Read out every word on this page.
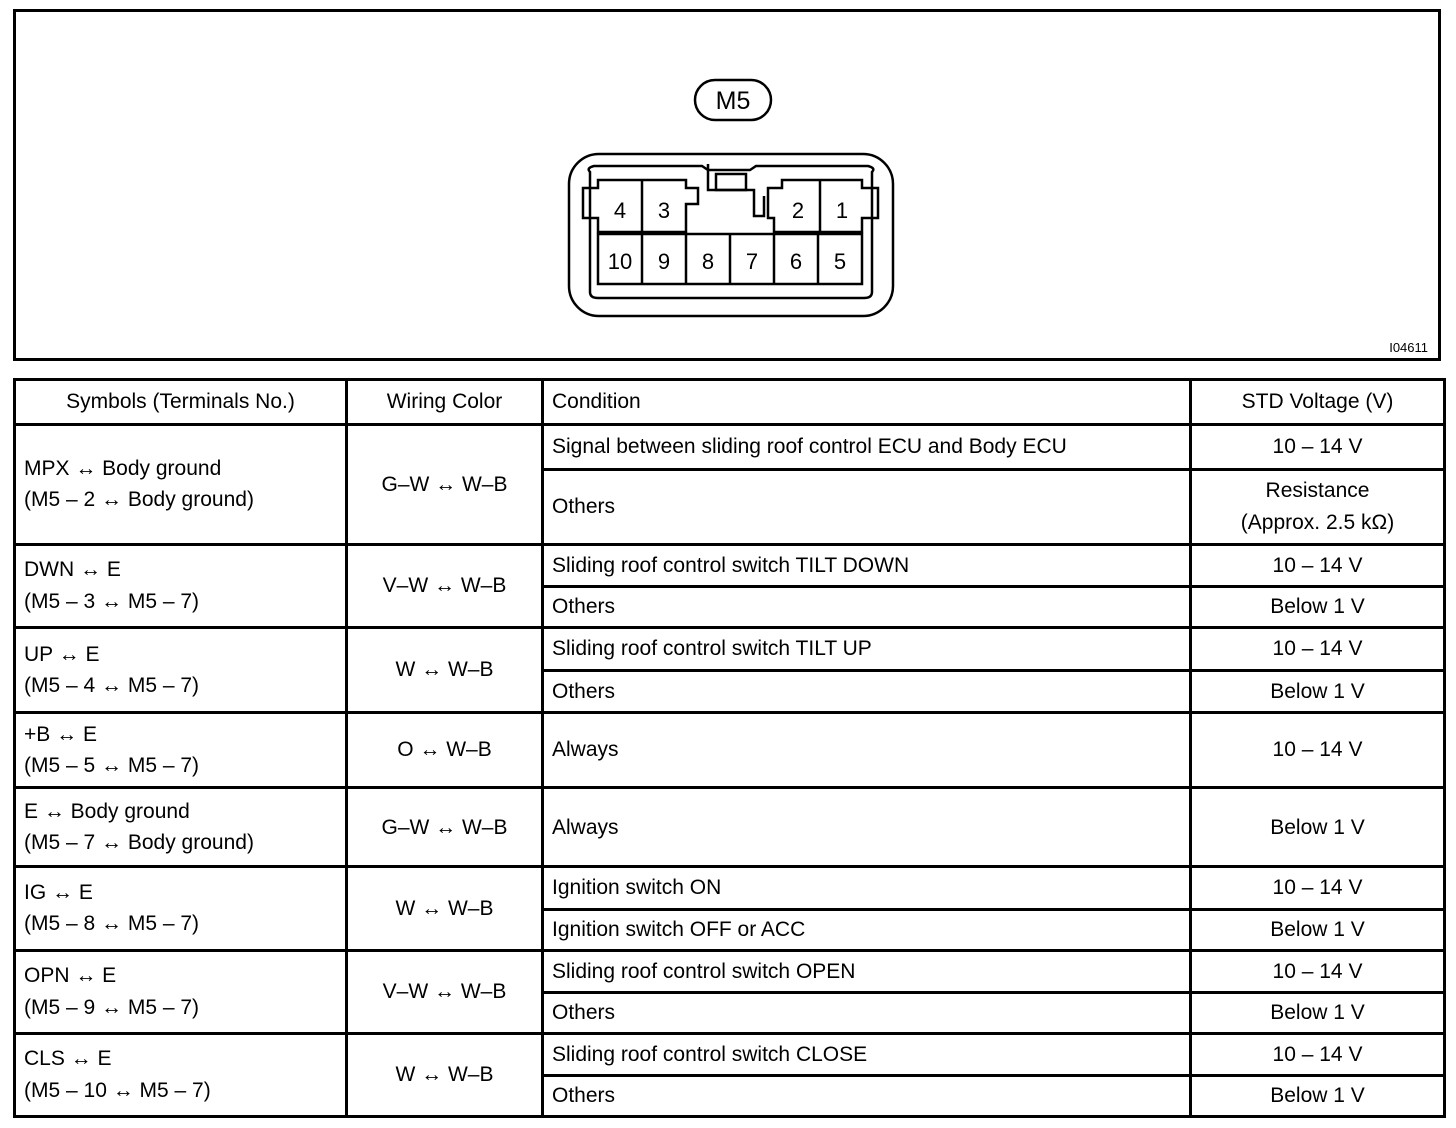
M5
4 3	2 1
10 9 8 7 6 5
I04611
Symbols (Terminals No.)	Wiring Color	Condition	STD Voltage (V)

MPX ↔ Body ground
(M5 – 2 ↔ Body ground)	G–W ↔ W–B	Signal between sliding roof control ECU and Body ECU	10 – 14 V

		Others	Resistance
(Approx. 2.5 kΩ)

DWN ↔ E
(M5 – 3 ↔ M5 – 7)	V–W ↔ W–B	Sliding roof control switch TILT DOWN	10 – 14 V

		Others	Below 1 V

UP ↔ E
(M5 – 4 ↔ M5 – 7)	W ↔ W–B	Sliding roof control switch TILT UP	10 – 14 V

		Others	Below 1 V

+B ↔ E
(M5 – 5 ↔ M5 – 7)	O ↔ W–B	Always	10 – 14 V

E ↔ Body ground
(M5 – 7 ↔ Body ground)	G–W ↔ W–B	Always	Below 1 V

IG ↔ E
(M5 – 8 ↔ M5 – 7)	W ↔ W–B	Ignition switch ON	10 – 14 V

		Ignition switch OFF or ACC	Below 1 V

OPN ↔ E
(M5 – 9 ↔ M5 – 7)	V–W ↔ W–B	Sliding roof control switch OPEN	10 – 14 V

		Others	Below 1 V

CLS ↔ E
(M5 – 10 ↔ M5 – 7)	W ↔ W–B	Sliding roof control switch CLOSE	10 – 14 V

		Others	Below 1 V
